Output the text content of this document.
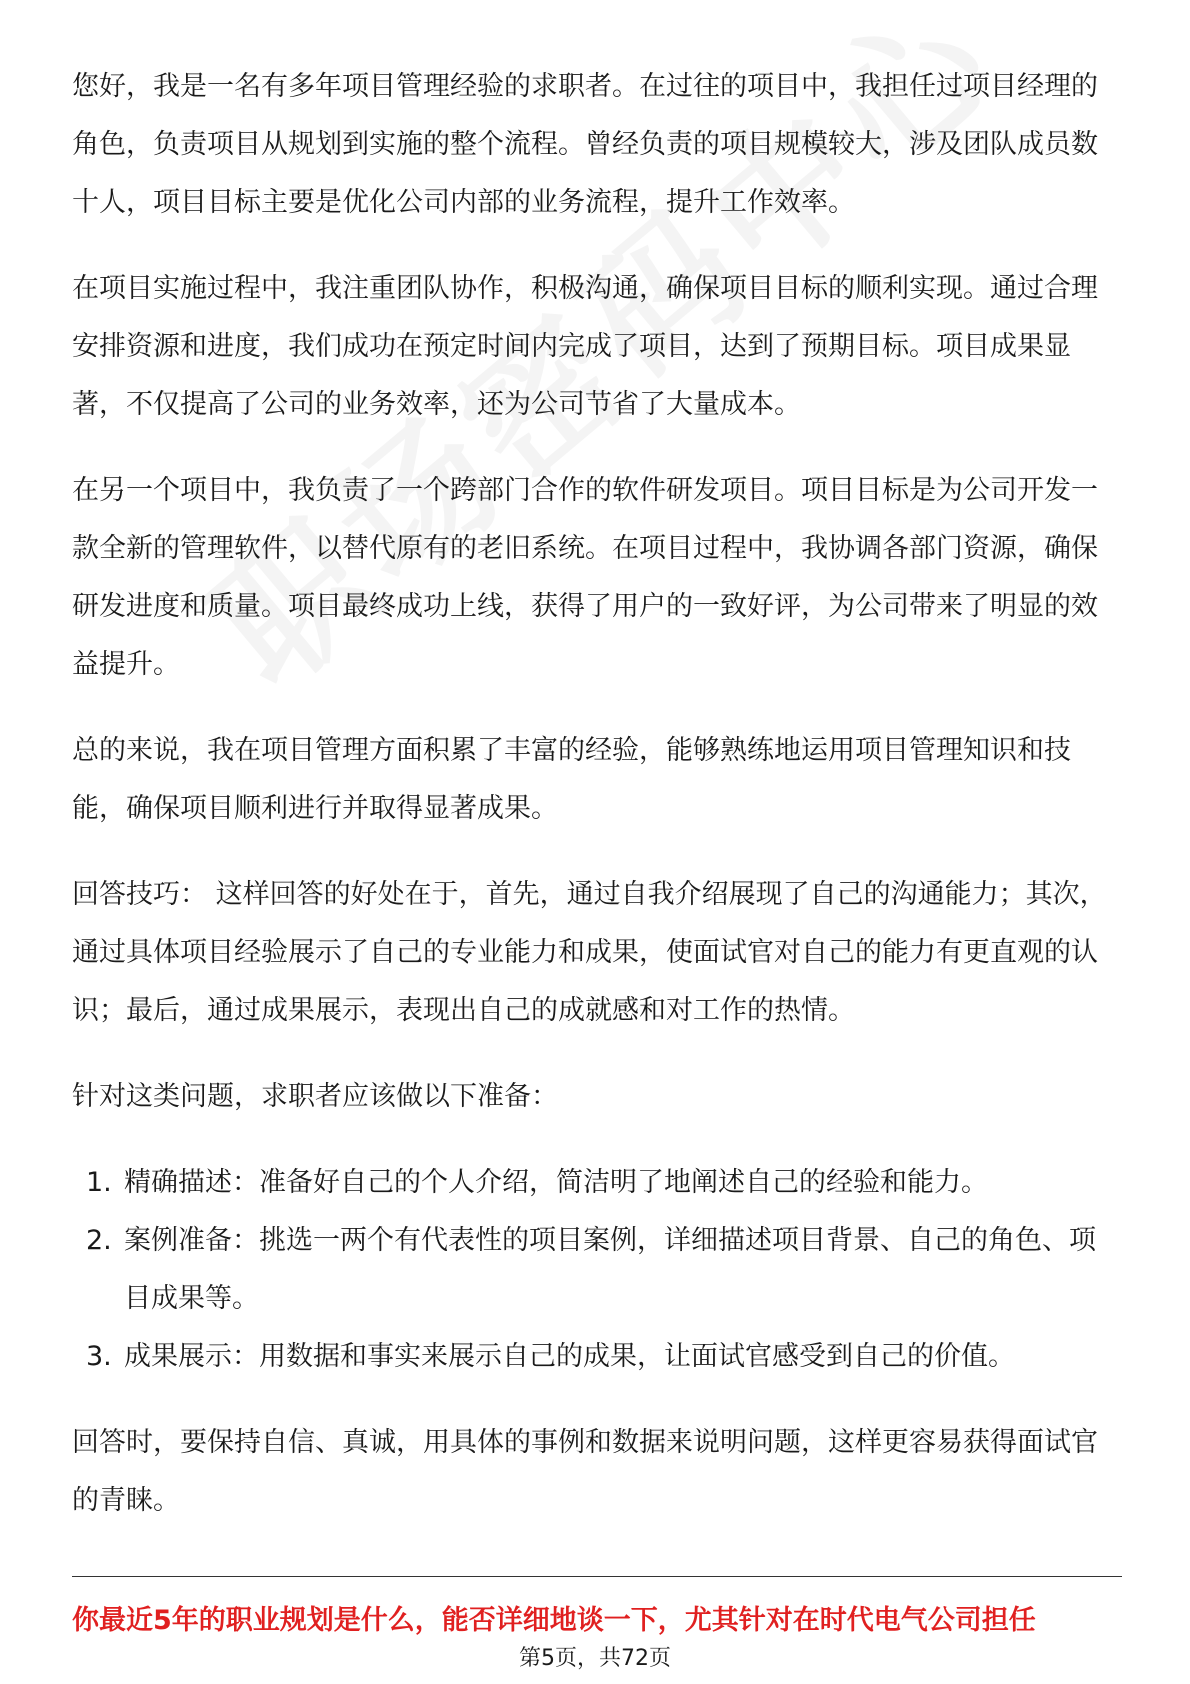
您好，我是一名有多年项目管理经验的求职者。在过往的项目中，我担任过项目经理的角色，负责项目从规划到实施的整个流程。曾经负责的项目规模较大，涉及团队成员数十人，项目目标主要是优化公司内部的业务流程，提升工作效率。

在项目实施过程中，我注重团队协作，积极沟通，确保项目目标的顺利实现。通过合理安排资源和进度，我们成功在预定时间内完成了项目，达到了预期目标。项目成果显著，不仅提高了公司的业务效率，还为公司节省了大量成本。

在另一个项目中，我负责了一个跨部门合作的软件研发项目。项目目标是为公司开发一款全新的管理软件，以替代原有的老旧系统。在项目过程中，我协调各部门资源，确保研发进度和质量。项目最终成功上线，获得了用户的一致好评，为公司带来了明显的效益提升。

总的来说，我在项目管理方面积累了丰富的经验，能够熟练地运用项目管理知识和技能，确保项目顺利进行并取得显著成果。

回答技巧： 这样回答的好处在于，首先，通过自我介绍展现了自己的沟通能力；其次，通过具体项目经验展示了自己的专业能力和成果，使面试官对自己的能力有更直观的认识；最后，通过成果展示，表现出自己的成就感和对工作的热情。

针对这类问题，求职者应该做以下准备：

1. 精确描述：准备好自己的个人介绍，简洁明了地阐述自己的经验和能力。
2. 案例准备：挑选一两个有代表性的项目案例，详细描述项目背景、自己的角色、项目成果等。
3. 成果展示：用数据和事实来展示自己的成果，让面试官感受到自己的价值。

回答时，要保持自信、真诚，用具体的事例和数据来说明问题，这样更容易获得面试官的青睐。

你最近5年的职业规划是什么，能否详细地谈一下，尤其针对在时代电气公司担任
第5页，共72页
